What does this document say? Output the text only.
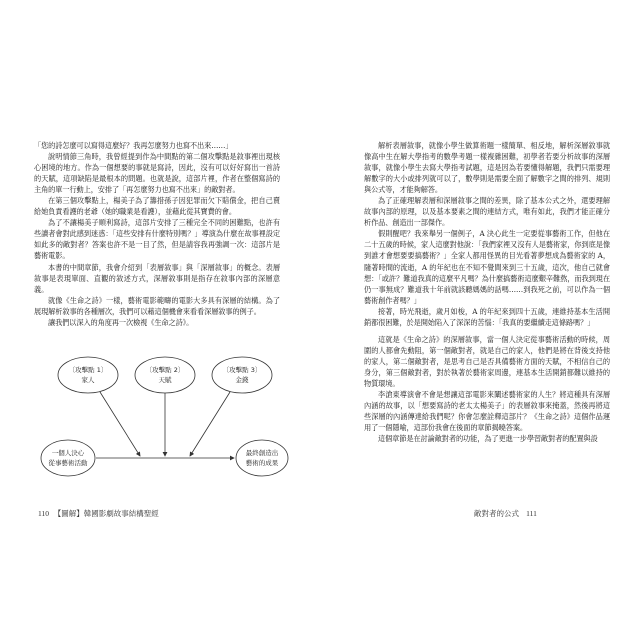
「您的詩怎麼可以寫得這麼好？我再怎麼努力也寫不出來……」

說明情節三角時，我曾經提到作為中間點的第二個攻擊點是敘事裡出現核心困境的地方。作為一個想要的事就是寫詩，因此，沒有可以好好寫出一首詩的天賦，這項缺陷是最根本的問題。也就是說，這部片裡，作者在整個寫詩的主角的單一行動上，安排了「再怎麼努力也寫不出來」的敵對者。

在第三個攻擊點上，楊美子為了籌措孫子因犯罪而欠下賠償金，把自己賣給她負責看護的老爺（她的職業是看護），並藉此從其寶費的會。

為了不讓楊美子順利寫詩，這部片安排了三種完全不同的困難點，也許有些讀者會對此感到迷惑：「這些安排有什麼特別嗎？」導演為什麼在故事裡設定如此多的敵對者？答案也許不是一目了然，但是請容我再強調一次：這部片是藝術電影。

本書的中間章節，我會介紹到「表層敘事」與「深層敘事」的概念。表層敘事是表現單面、直觀的敘述方式，深層敘事則是指存在敘事內部的深層意義。

就像《生命之詩》一樣，藝術電影範疇的電影大多具有深層的結構。為了展現解析敘事的各種層次，我們可以藉這個機會來看看深層敘事的例子。

讓我們以深入的角度再一次檢視《生命之詩》。

〔攻擊點 1〕
家人
〔攻擊點 2〕
天賦
〔攻擊點 3〕
金錢
一個人決心
從事藝術活動
最終創造出
藝術的成果

解析表層敘事，就像小學生做算術題一樣簡單、相反地，解析深層敘事就像高中生在解大學指考的數學考題一樣複雜困難，初學者若要分析故事的深層敘事，就像小學生去寫大學指考試題，這是因為若要懂得解題，我們只需要理解數字的大小或排列就可以了，數學則是需要全面了解數字之間的排列、規則與公式等，才能夠解答。

為了正確理解表層和深層敘事之間的差異，除了基本公式之外，還要理解故事內部的原理，以及基本要素之間的連結方式，唯有如此，我們才能正確分析作品、創造出一部傑作。

假則醒吧？我來舉另一個例子，A 決心此生一定要從事藝術工作，但他在二十五歲的時候，家人這麼對他說：「我們家裡又沒有人是藝術家，你到底是像到誰才會想要要搞藝術？」全家人都用怪異的目光看著夢想成為藝術家的 A，隨著時間的流逝，A 的年紀也在不知不覺間來到三十五歲，這次，他自己就會想：「或許？難道我真的這麼平凡嗎？為什麼搞藝術這麼艱辛難熬，而我到現在仍一事無成？難道我十年前就該聽媽媽的話嗎……到我死之前，可以作為一個藝術創作者嗎？」

接著，時光飛逝，歲月如梭，A 的年紀來到四十五歲，連維持基本生活開銷都很困難，於是開始陷入了深深的苦惱：「我真的要繼續走這條路嗎？」

這就是《生命之詩》的深層敘事，當一個人決定從事藝術活動的時候，周圍的人都會先動阻，第一個敵對者，就是自己的家人，他們是將在背後支持他的家人，第二個敵對者，是思考自己是否具備藝術方面的天賦，不相信自己的身分，第三個敵對者，對於執著於藝術家周邊，連基本生活開銷都難以維持的物質環境。

李滄東導演會不會是想讓這部電影來闡述藝術家的人生？將這種具有深層內涵的故事，以「想要寫詩的老太太楊美子」的表層敘事來掩蓋，然後再將這些深層的內涵傳達給我們呢？你會怎麼詮釋這部片？《生命之詩》這個作品運用了一個隱喻，這部份我會在後面的章節揭曉答案。

這個章節是在討論敵對者的功能，為了更進一步學習敵對者的配置與設

110 【圖解】韓國影劇故事結構聖經	敵對者的公式 111
